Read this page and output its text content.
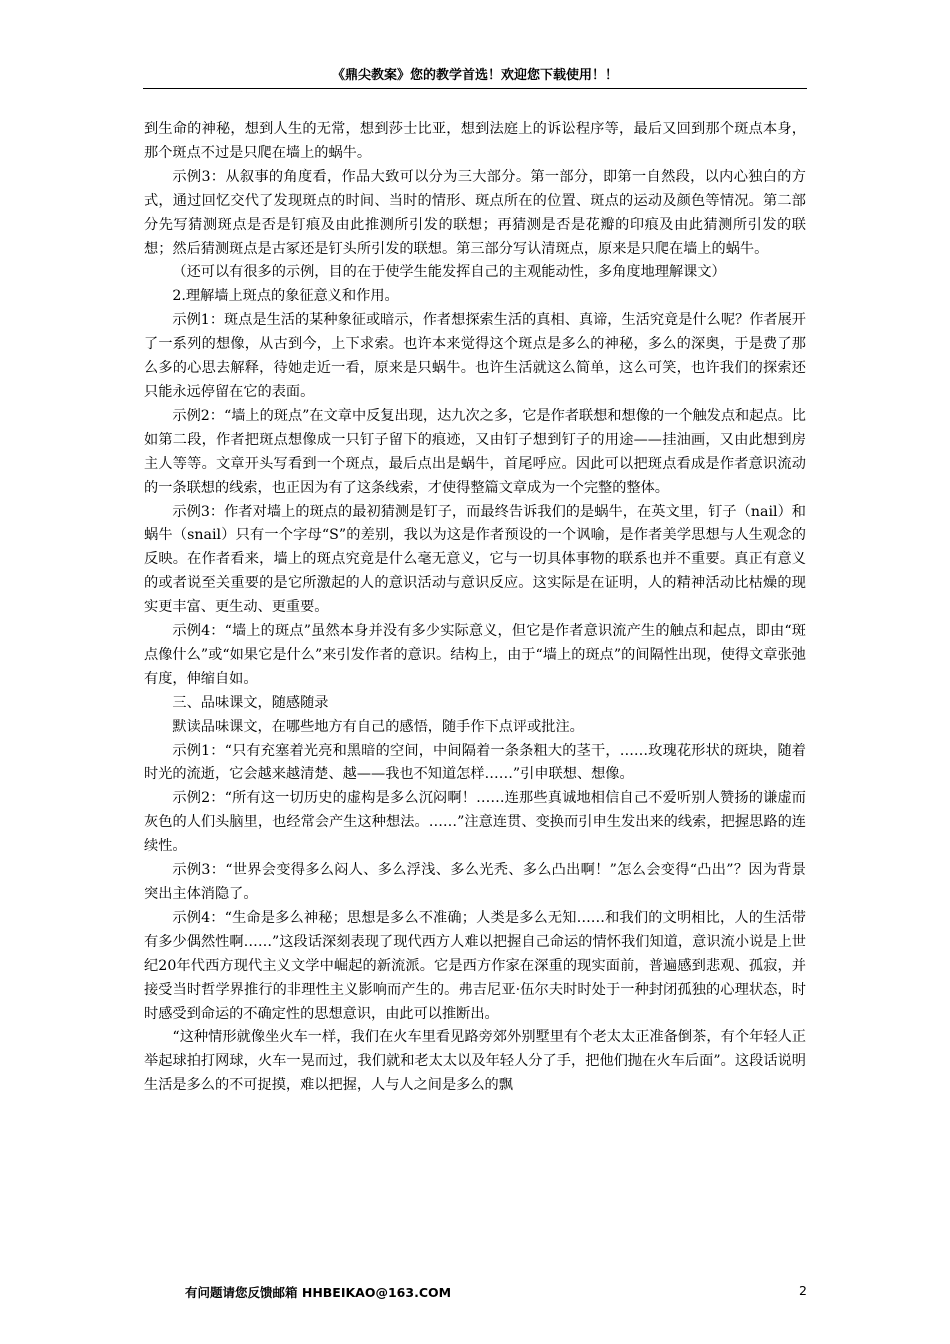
《鼎尖教案》您的教学首选！欢迎您下载使用！！

到生命的神秘，想到人生的无常，想到莎士比亚，想到法庭上的诉讼程序等，最后又回到那个斑点本身，那个斑点不过是只爬在墙上的蜗牛。

示例3：从叙事的角度看，作品大致可以分为三大部分。第一部分，即第一自然段，以内心独白的方式，通过回忆交代了发现斑点的时间、当时的情形、斑点所在的位置、斑点的运动及颜色等情况。第二部分先写猜测斑点是否是钉痕及由此推测所引发的联想；再猜测是否是花瓣的印痕及由此猜测所引发的联想；然后猜测斑点是古冢还是钉头所引发的联想。第三部分写认清斑点，原来是只爬在墙上的蜗牛。

（还可以有很多的示例，目的在于使学生能发挥自己的主观能动性，多角度地理解课文）

2.理解墙上斑点的象征意义和作用。

示例1：斑点是生活的某种象征或暗示，作者想探索生活的真相、真谛，生活究竟是什么呢？作者展开了一系列的想像，从古到今，上下求索。也许本来觉得这个斑点是多么的神秘，多么的深奥，于是费了那么多的心思去解释，待她走近一看，原来是只蜗牛。也许生活就这么简单，这么可笑，也许我们的探索还只能永远停留在它的表面。

示例2：“墙上的斑点”在文章中反复出现，达九次之多，它是作者联想和想像的一个触发点和起点。比如第二段，作者把斑点想像成一只钉子留下的痕迹，又由钉子想到钉子的用途——挂油画，又由此想到房主人等等。文章开头写看到一个斑点，最后点出是蜗牛，首尾呼应。因此可以把斑点看成是作者意识流动的一条联想的线索，也正因为有了这条线索，才使得整篇文章成为一个完整的整体。

示例3：作者对墙上的斑点的最初猜测是钉子，而最终告诉我们的是蜗牛，在英文里，钉子（nail）和蜗牛（snail）只有一个字母“S”的差别，我以为这是作者预设的一个讽喻，是作者美学思想与人生观念的反映。在作者看来，墙上的斑点究竟是什么毫无意义，它与一切具体事物的联系也并不重要。真正有意义的或者说至关重要的是它所激起的人的意识活动与意识反应。这实际是在证明，人的精神活动比枯燥的现实更丰富、更生动、更重要。

示例4：“墙上的斑点”虽然本身并没有多少实际意义，但它是作者意识流产生的触点和起点，即由“斑点像什么”或“如果它是什么”来引发作者的意识。结构上，由于“墙上的斑点”的间隔性出现，使得文章张弛有度，伸缩自如。

三、品味课文，随感随录

默读品味课文，在哪些地方有自己的感悟，随手作下点评或批注。

示例1：“只有充塞着光亮和黑暗的空间，中间隔着一条条粗大的茎干，……玫瑰花形状的斑块，随着时光的流逝，它会越来越清楚、越——我也不知道怎样……”引申联想、想像。

示例2：“所有这一切历史的虚构是多么沉闷啊！……连那些真诚地相信自己不爱听别人赞扬的谦虚而灰色的人们头脑里，也经常会产生这种想法。……”注意连贯、变换而引申生发出来的线索，把握思路的连续性。

示例3：“世界会变得多么闷人、多么浮浅、多么光秃、多么凸出啊！”怎么会变得“凸出”？因为背景突出主体消隐了。

示例4：“生命是多么神秘；思想是多么不准确；人类是多么无知……和我们的文明相比，人的生活带有多少偶然性啊……”这段话深刻表现了现代西方人难以把握自己命运的情怀我们知道，意识流小说是上世纪20年代西方现代主义文学中崛起的新流派。它是西方作家在深重的现实面前，普遍感到悲观、孤寂，并接受当时哲学界推行的非理性主义影响而产生的。弗吉尼亚·伍尔夫时时处于一种封闭孤独的心理状态，时时感受到命运的不确定性的思想意识，由此可以推断出。

“这种情形就像坐火车一样，我们在火车里看见路旁郊外别墅里有个老太太正准备倒茶，有个年轻人正举起球拍打网球，火车一晃而过，我们就和老太太以及年轻人分了手，把他们抛在火车后面”。这段话说明生活是多么的不可捉摸，难以把握，人与人之间是多么的飘

有问题请您反馈邮箱 HHBEIKAO@163.COM	2
